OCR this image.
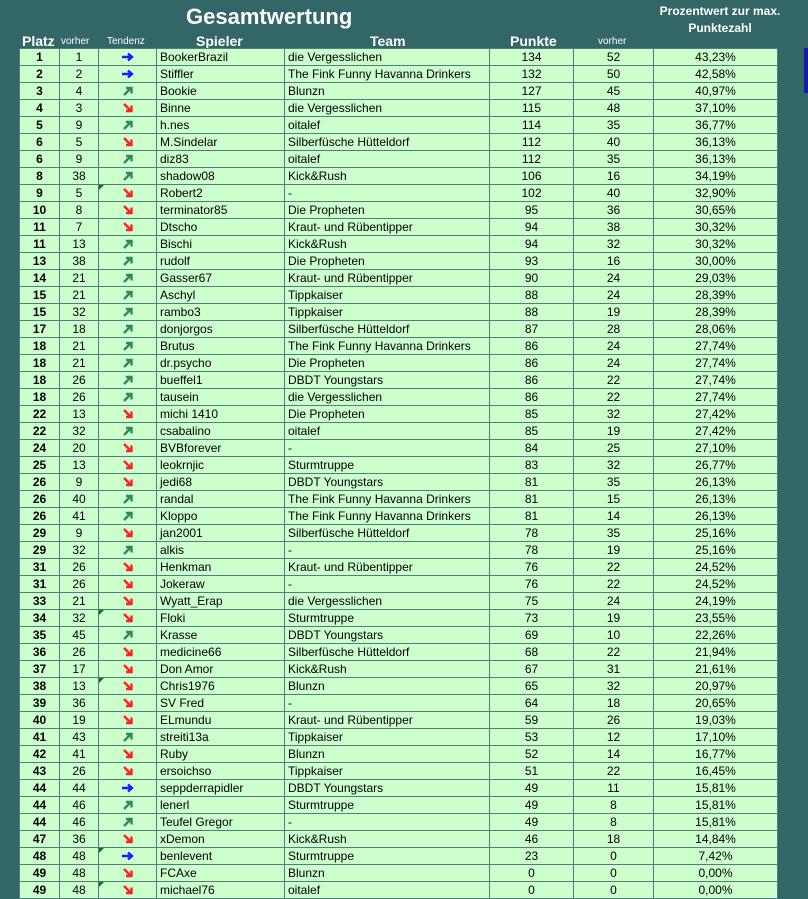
Gesamtwertung
Platz vorher Tendenz	Spieler	Team	Punkte	vorher
Prozentwert zur max. Punktezahl
1	1		BookerBrazil	die Vergesslichen	134	52	43,23%
2	2		Stiffler	The Fink Funny Havanna Drinkers	132	50	42,58%
3	4		Bookie	Blunzn	127	45	40,97%
4	3		Binne	die Vergesslichen	115	48	37,10%
5	9		h.nes	oitalef	114	35	36,77%
6	5		M.Sindelar	Silberfüsche Hütteldorf	112	40	36,13%
6	9		diz83	oitalef	112	35	36,13%
8	38		shadow08	Kick&Rush	106	16	34,19%
9	5		Robert2	-	102	40	32,90%
10	8		terminator85	Die Propheten	95	36	30,65%
11	7		Dtscho	Kraut- und Rübentipper	94	38	30,32%
11	13		Bischi	Kick&Rush	94	32	30,32%
13	38		rudolf	Die Propheten	93	16	30,00%
14	21		Gasser67	Kraut- und Rübentipper	90	24	29,03%
15	21		Aschyl	Tippkaiser	88	24	28,39%
15	32		rambo3	Tippkaiser	88	19	28,39%
17	18		donjorgos	Silberfüsche Hütteldorf	87	28	28,06%
18	21		Brutus	The Fink Funny Havanna Drinkers	86	24	27,74%
18	21		dr.psycho	Die Propheten	86	24	27,74%
18	26		bueffel1	DBDT Youngstars	86	22	27,74%
18	26		tausein	die Vergesslichen	86	22	27,74%
22	13		michi 1410	Die Propheten	85	32	27,42%
22	32		csabalino	oitalef	85	19	27,42%
24	20		BVBforever	-	84	25	27,10%
25	13		leokrnjic	Sturmtruppe	83	32	26,77%
26	9		jedi68	DBDT Youngstars	81	35	26,13%
26	40		randal	The Fink Funny Havanna Drinkers	81	15	26,13%
26	41		Kloppo	The Fink Funny Havanna Drinkers	81	14	26,13%
29	9		jan2001	Silberfüsche Hütteldorf	78	35	25,16%
29	32		alkis	-	78	19	25,16%
31	26		Henkman	Kraut- und Rübentipper	76	22	24,52%
31	26		Jokeraw	-	76	22	24,52%
33	21		Wyatt_Erap	die Vergesslichen	75	24	24,19%
34	32		Floki	Sturmtruppe	73	19	23,55%
35	45		Krasse	DBDT Youngstars	69	10	22,26%
36	26		medicine66	Silberfüsche Hütteldorf	68	22	21,94%
37	17		Don Amor	Kick&Rush	67	31	21,61%
38	13		Chris1976	Blunzn	65	32	20,97%
39	36		SV Fred	-	64	18	20,65%
40	19		ELmundu	Kraut- und Rübentipper	59	26	19,03%
41	43		streiti13a	Tippkaiser	53	12	17,10%
42	41		Ruby	Blunzn	52	14	16,77%
43	26		ersoichso	Tippkaiser	51	22	16,45%
44	44		seppderrapidler	DBDT Youngstars	49	11	15,81%
44	46		lenerl	Sturmtruppe	49	8	15,81%
44	46		Teufel Gregor	-	49	8	15,81%
47	36		xDemon	Kick&Rush	46	18	14,84%
48	48		benlevent	Sturmtruppe	23	0	7,42%
49	48		FCAxe	Blunzn	0	0	0,00%
49	48		michael76	oitalef	0	0	0,00%
